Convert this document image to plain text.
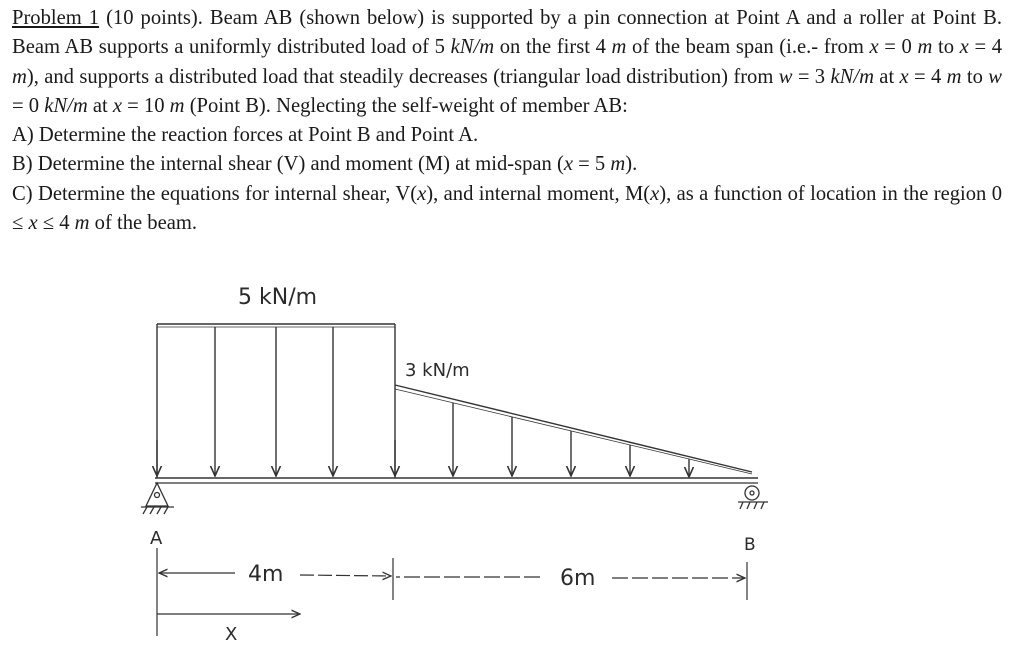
Problem 1 (10 points). Beam AB (shown below) is supported by a pin connection at Point A and a roller at Point B. Beam AB supports a uniformly distributed load of 5 kN/m on the first 4 m of the beam span (i.e.- from x = 0 m to x = 4 m), and supports a distributed load that steadily decreases (triangular load distribution) from w = 3 kN/m at x = 4 m to w = 0 kN/m at x = 10 m (Point B). Neglecting the self-weight of member AB:

A) Determine the reaction forces at Point B and Point A.

B) Determine the internal shear (V) and moment (M) at mid-span (x = 5 m).

C) Determine the equations for internal shear, V(x), and internal moment, M(x), as a function of location in the region 0 ≤ x ≤ 4 m of the beam.

5 kN/m
3 kN/m
A	B
4m	6m
X
